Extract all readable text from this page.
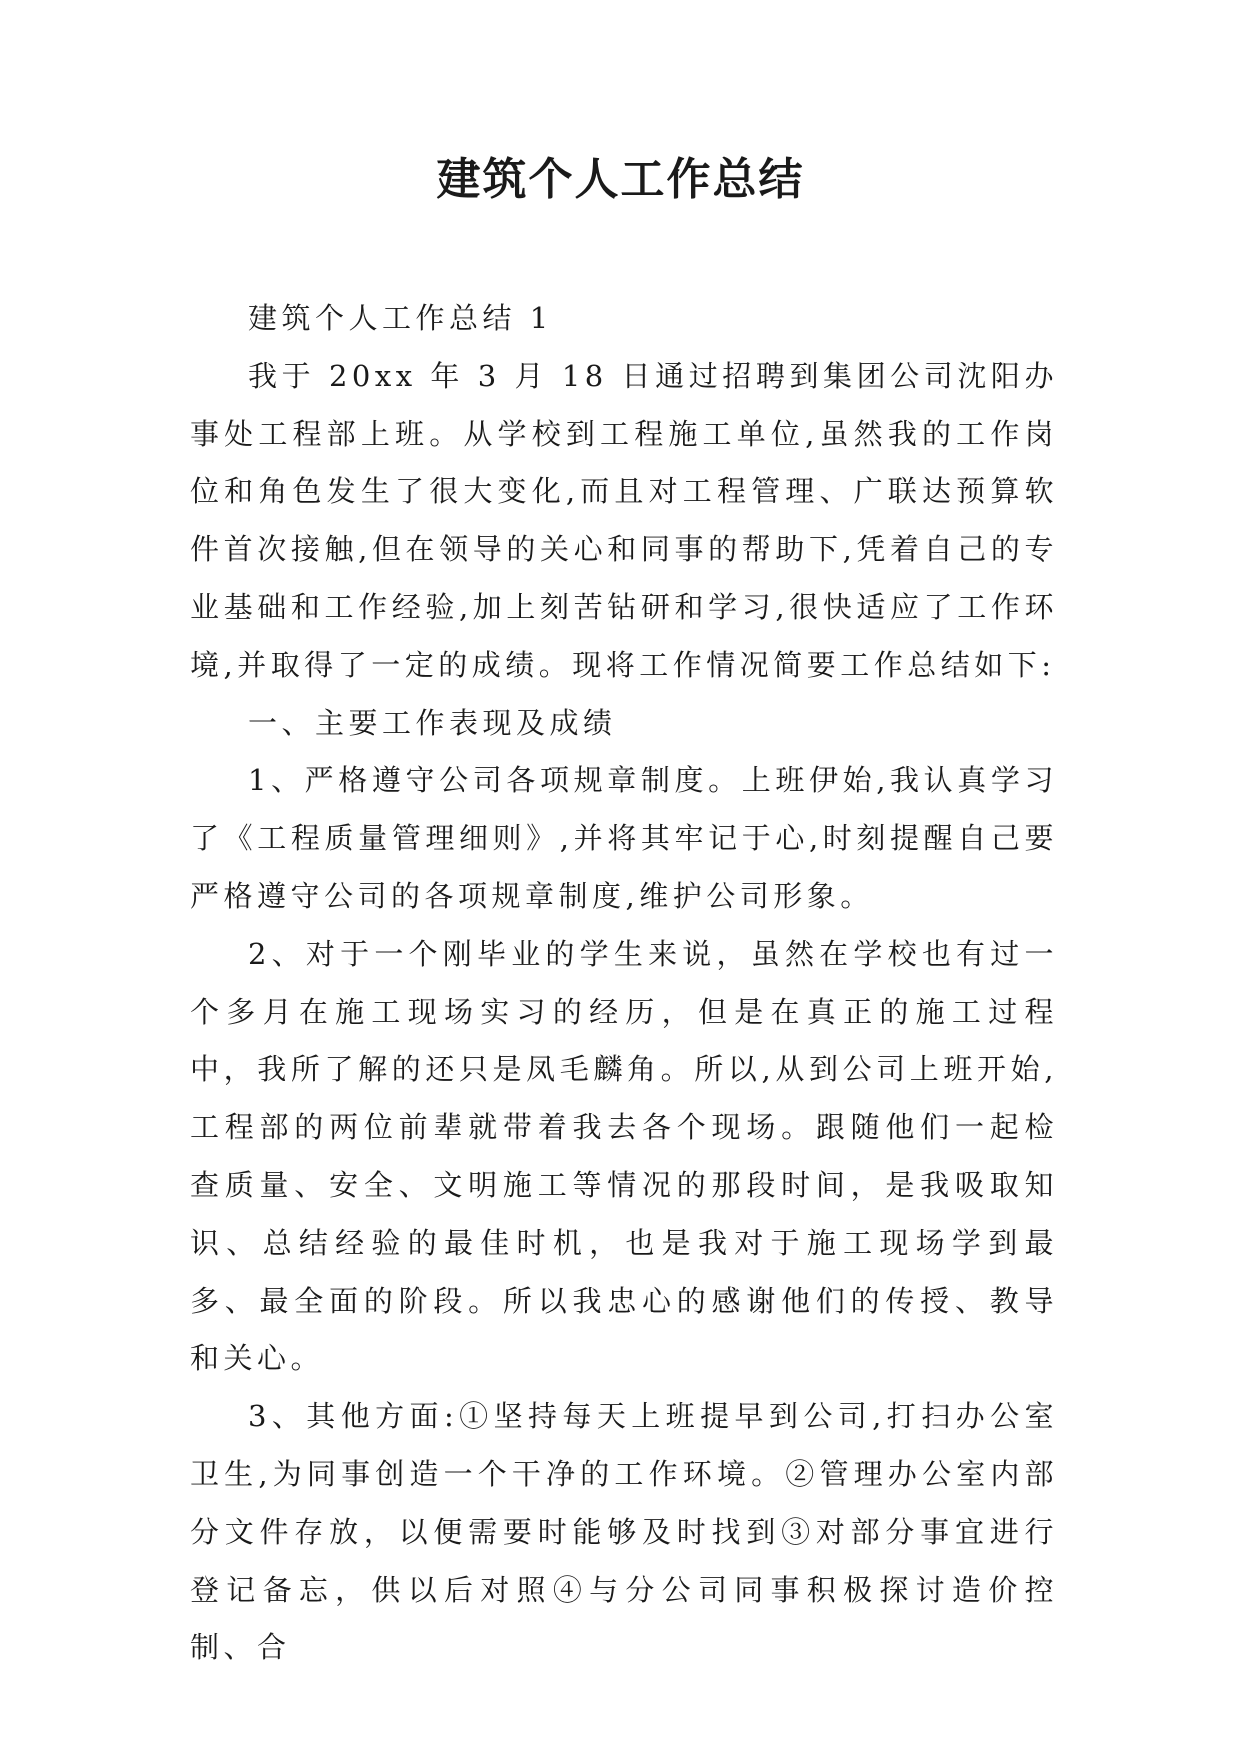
建筑个人工作总结

建筑个人工作总结 1

我于 20xx 年 3 月 18 日通过招聘到集团公司沈阳办事处工程部上班。从学校到工程施工单位,虽然我的工作岗位和角色发生了很大变化,而且对工程管理、广联达预算软件首次接触,但在领导的关心和同事的帮助下,凭着自己的专业基础和工作经验,加上刻苦钻研和学习,很快适应了工作环境,并取得了一定的成绩。现将工作情况简要工作总结如下:

一、主要工作表现及成绩

1、严格遵守公司各项规章制度。上班伊始,我认真学习了《工程质量管理细则》,并将其牢记于心,时刻提醒自己要严格遵守公司的各项规章制度,维护公司形象。

2、对于一个刚毕业的学生来说，虽然在学校也有过一个多月在施工现场实习的经历，但是在真正的施工过程中，我所了解的还只是凤毛麟角。所以,从到公司上班开始,工程部的两位前辈就带着我去各个现场。跟随他们一起检查质量、安全、文明施工等情况的那段时间，是我吸取知识、总结经验的最佳时机，也是我对于施工现场学到最多、最全面的阶段。所以我忠心的感谢他们的传授、教导和关心。

3、其他方面:①坚持每天上班提早到公司,打扫办公室卫生,为同事创造一个干净的工作环境。②管理办公室内部分文件存放，以便需要时能够及时找到③对部分事宜进行登记备忘，供以后对照④与分公司同事积极探讨造价控制、合
